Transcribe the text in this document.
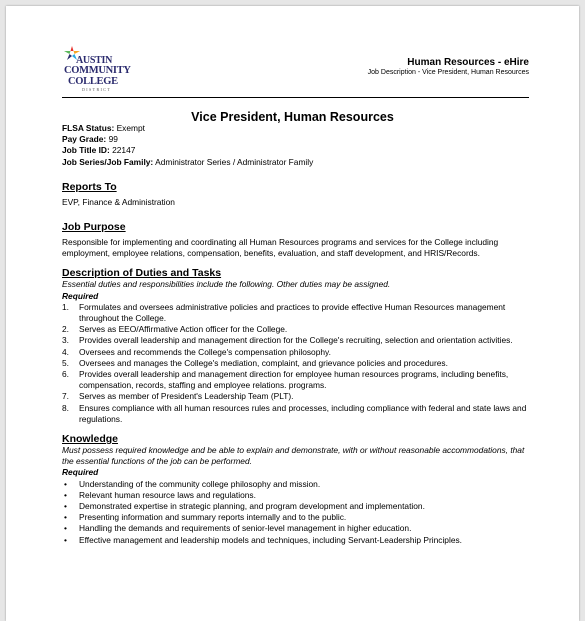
AUSTIN
COMMUNITY
COLLEGE
DISTRICT
Human Resources - eHire
Job Description - Vice President, Human Resources
Vice President, Human Resources
FLSA Status: Exempt
Pay Grade: 99
Job Title ID: 22147
Job Series/Job Family: Administrator Series / Administrator Family
Reports To
EVP, Finance & Administration
Job Purpose
Responsible for implementing and coordinating all Human Resources programs and services for the College including employment, employee relations, compensation, benefits, evaluation, and staff development, and HRIS/Records.
Description of Duties and Tasks
Essential duties and responsibilities include the following. Other duties may be assigned.
Required
1.	Formulates and oversees administrative policies and practices to provide effective Human Resources management throughout the College.
2.	Serves as EEO/Affirmative Action officer for the College.
3.	Provides overall leadership and management direction for the College's recruiting, selection and orientation activities.
4.	Oversees and recommends the College's compensation philosophy.
5.	Oversees and manages the College's mediation, complaint, and grievance policies and procedures.
6.	Provides overall leadership and management direction for employee human resources programs, including benefits, compensation, records, staffing and employee relations. programs.
7.	Serves as member of President's Leadership Team (PLT).
8.	Ensures compliance with all human resources rules and processes, including compliance with federal and state laws and regulations.
Knowledge
Must possess required knowledge and be able to explain and demonstrate, with or without reasonable accommodations, that the essential functions of the job can be performed.
Required
•	Understanding of the community college philosophy and mission.
•	Relevant human resource laws and regulations.
•	Demonstrated expertise in strategic planning, and program development and implementation.
•	Presenting information and summary reports internally and to the public.
•	Handling the demands and requirements of senior-level management in higher education.
•	Effective management and leadership models and techniques, including Servant-Leadership Principles.
